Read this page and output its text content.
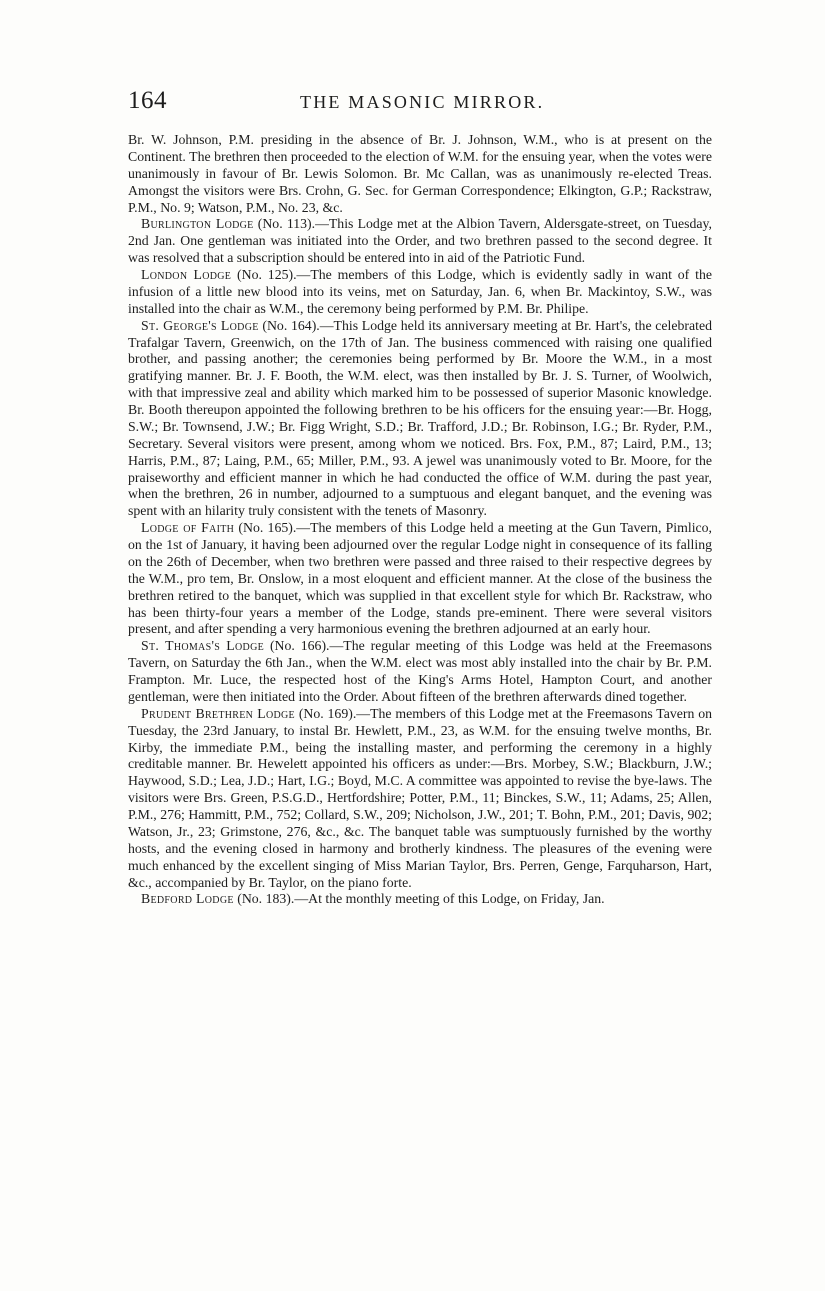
164	THE MASONIC MIRROR.

Br. W. Johnson, P.M. presiding in the absence of Br. J. Johnson, W.M., who is at present on the Continent. The brethren then proceeded to the election of W.M. for the ensuing year, when the votes were unanimously in favour of Br. Lewis Solomon. Br. Mc Callan, was as unanimously re-elected Treas. Amongst the visitors were Brs. Crohn, G. Sec. for German Correspondence; Elkington, G.P.; Rackstraw, P.M., No. 9; Watson, P.M., No. 23, &c.

Burlington Lodge (No. 113).—This Lodge met at the Albion Tavern, Aldersgate-street, on Tuesday, 2nd Jan. One gentleman was initiated into the Order, and two brethren passed to the second degree. It was resolved that a subscription should be entered into in aid of the Patriotic Fund.

London Lodge (No. 125).—The members of this Lodge, which is evidently sadly in want of the infusion of a little new blood into its veins, met on Saturday, Jan. 6, when Br. Mackintoy, S.W., was installed into the chair as W.M., the ceremony being performed by P.M. Br. Philipe.

St. George's Lodge (No. 164).—This Lodge held its anniversary meeting at Br. Hart's, the celebrated Trafalgar Tavern, Greenwich, on the 17th of Jan. The business commenced with raising one qualified brother, and passing another; the ceremonies being performed by Br. Moore the W.M., in a most gratifying manner. Br. J. F. Booth, the W.M. elect, was then installed by Br. J. S. Turner, of Woolwich, with that impressive zeal and ability which marked him to be possessed of superior Masonic knowledge. Br. Booth thereupon appointed the following brethren to be his officers for the ensuing year:—Br. Hogg, S.W.; Br. Townsend, J.W.; Br. Figg Wright, S.D.; Br. Trafford, J.D.; Br. Robinson, I.G.; Br. Ryder, P.M., Secretary. Several visitors were present, among whom we noticed. Brs. Fox, P.M., 87; Laird, P.M., 13; Harris, P.M., 87; Laing, P.M., 65; Miller, P.M., 93. A jewel was unanimously voted to Br. Moore, for the praiseworthy and efficient manner in which he had conducted the office of W.M. during the past year, when the brethren, 26 in number, adjourned to a sumptuous and elegant banquet, and the evening was spent with an hilarity truly consistent with the tenets of Masonry.

Lodge of Faith (No. 165).—The members of this Lodge held a meeting at the Gun Tavern, Pimlico, on the 1st of January, it having been adjourned over the regular Lodge night in consequence of its falling on the 26th of December, when two brethren were passed and three raised to their respective degrees by the W.M., pro tem, Br. Onslow, in a most eloquent and efficient manner. At the close of the business the brethren retired to the banquet, which was supplied in that excellent style for which Br. Rackstraw, who has been thirty-four years a member of the Lodge, stands pre-eminent. There were several visitors present, and after spending a very harmonious evening the brethren adjourned at an early hour.

St. Thomas's Lodge (No. 166).—The regular meeting of this Lodge was held at the Freemasons Tavern, on Saturday the 6th Jan., when the W.M. elect was most ably installed into the chair by Br. P.M. Frampton. Mr. Luce, the respected host of the King's Arms Hotel, Hampton Court, and another gentleman, were then initiated into the Order. About fifteen of the brethren afterwards dined together.

Prudent Brethren Lodge (No. 169).—The members of this Lodge met at the Freemasons Tavern on Tuesday, the 23rd January, to instal Br. Hewlett, P.M., 23, as W.M. for the ensuing twelve months, Br. Kirby, the immediate P.M., being the installing master, and performing the ceremony in a highly creditable manner. Br. Hewelett appointed his officers as under:—Brs. Morbey, S.W.; Blackburn, J.W.; Haywood, S.D.; Lea, J.D.; Hart, I.G.; Boyd, M.C. A committee was appointed to revise the bye-laws. The visitors were Brs. Green, P.S.G.D., Hertfordshire; Potter, P.M., 11; Binckes, S.W., 11; Adams, 25; Allen, P.M., 276; Hammitt, P.M., 752; Collard, S.W., 209; Nicholson, J.W., 201; T. Bohn, P.M., 201; Davis, 902; Watson, Jr., 23; Grimstone, 276, &c., &c. The banquet table was sumptuously furnished by the worthy hosts, and the evening closed in harmony and brotherly kindness. The pleasures of the evening were much enhanced by the excellent singing of Miss Marian Taylor, Brs. Perren, Genge, Farquharson, Hart, &c., accompanied by Br. Taylor, on the piano forte.

Bedford Lodge (No. 183).—At the monthly meeting of this Lodge, on Friday, Jan.
